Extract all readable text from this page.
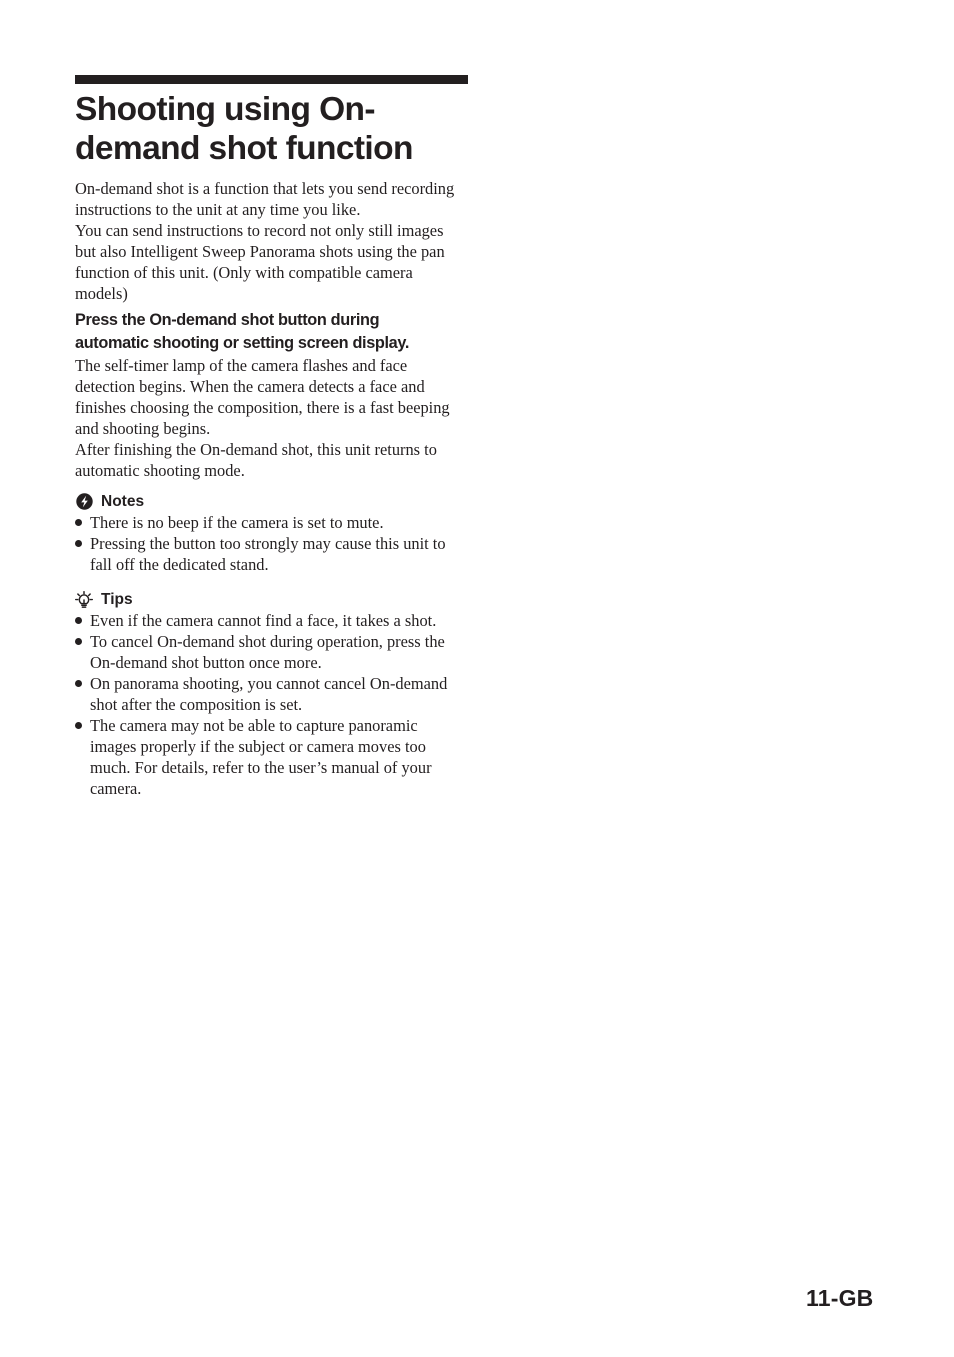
Shooting using On-
demand shot function

On-demand shot is a function that lets you send recording instructions to the unit at any time you like.

You can send instructions to record not only still images but also Intelligent Sweep Panorama shots using the pan function of this unit. (Only with compatible camera models)

Press the On-demand shot button during
automatic shooting or setting screen display.

The self-timer lamp of the camera flashes and face detection begins. When the camera detects a face and finishes choosing the composition, there is a fast beeping and shooting begins.

After finishing the On-demand shot, this unit returns to automatic shooting mode.

Notes
There is no beep if the camera is set to mute.
Pressing the button too strongly may cause this unit to fall off the dedicated stand.
Tips
Even if the camera cannot find a face, it takes a shot.
To cancel On-demand shot during operation, press the On-demand shot button once more.
On panorama shooting, you cannot cancel On-demand shot after the composition is set.
The camera may not be able to capture panoramic images properly if the subject or camera moves too much. For details, refer to the user’s manual of your camera.
11-GB
